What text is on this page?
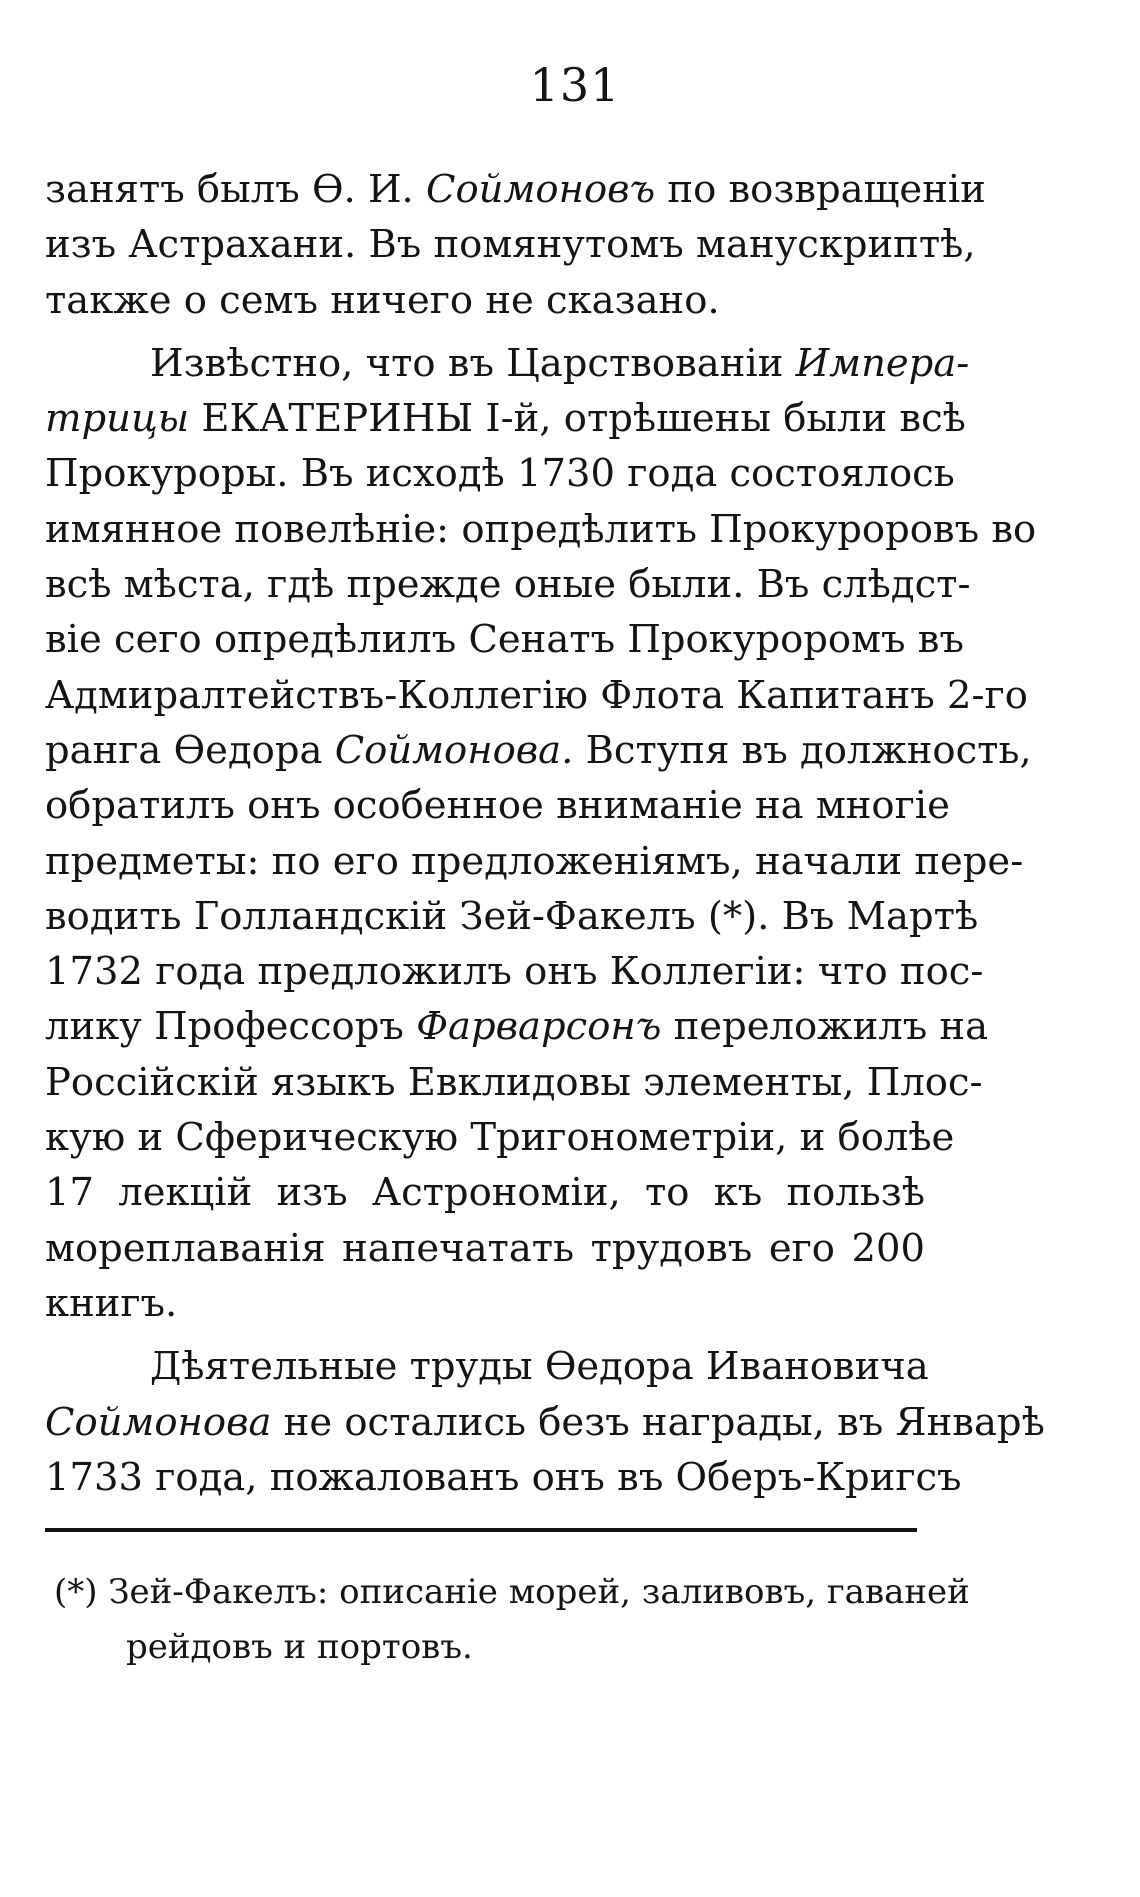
131
занятъ былъ Ѳ. И. Соймоновъ по возвращеніи
изъ Астрахани. Въ помянутомъ манускриптѣ,
также о семъ ничего не сказано.
Извѣстно, что въ Царствованіи Импера-
трицы ЕКАТЕРИНЫ І-й, отрѣшены были всѣ
Прокуроры. Въ исходѣ 1730 года состоялось
имянное повелѣніе: опредѣлить Прокуроровъ во
всѣ мѣста, гдѣ прежде оные были. Въ слѣдст-
віе сего опредѣлилъ Сенатъ Прокуроромъ въ
Адмиралтействъ-Коллегію Флота Капитанъ 2-го
ранга Ѳедора Соймонова. Вступя въ должность,
обратилъ онъ особенное вниманіе на многіе
предметы: по его предложеніямъ, начали пере-
водить Голландскій Зей-Факелъ (*). Въ Мартѣ
1732 года предложилъ онъ Коллегіи: что пос-
лику Профессоръ Фарварсонъ переложилъ на
Россійскій языкъ Евклидовы элементы, Плос-
кую и Сферическую Тригонометріи, и болѣе
17 лекцій изъ Астрономіи, то къ пользѣ
мореплаванія напечатать трудовъ его 200
книгъ.
Дѣятельные труды Ѳедора Ивановича
Соймонова не остались безъ награды, въ Январѣ
1733 года, пожалованъ онъ въ Оберъ-Кригсъ
(*) Зей-Факелъ: описаніе морей, заливовъ, гаваней
рейдовъ и портовъ.
